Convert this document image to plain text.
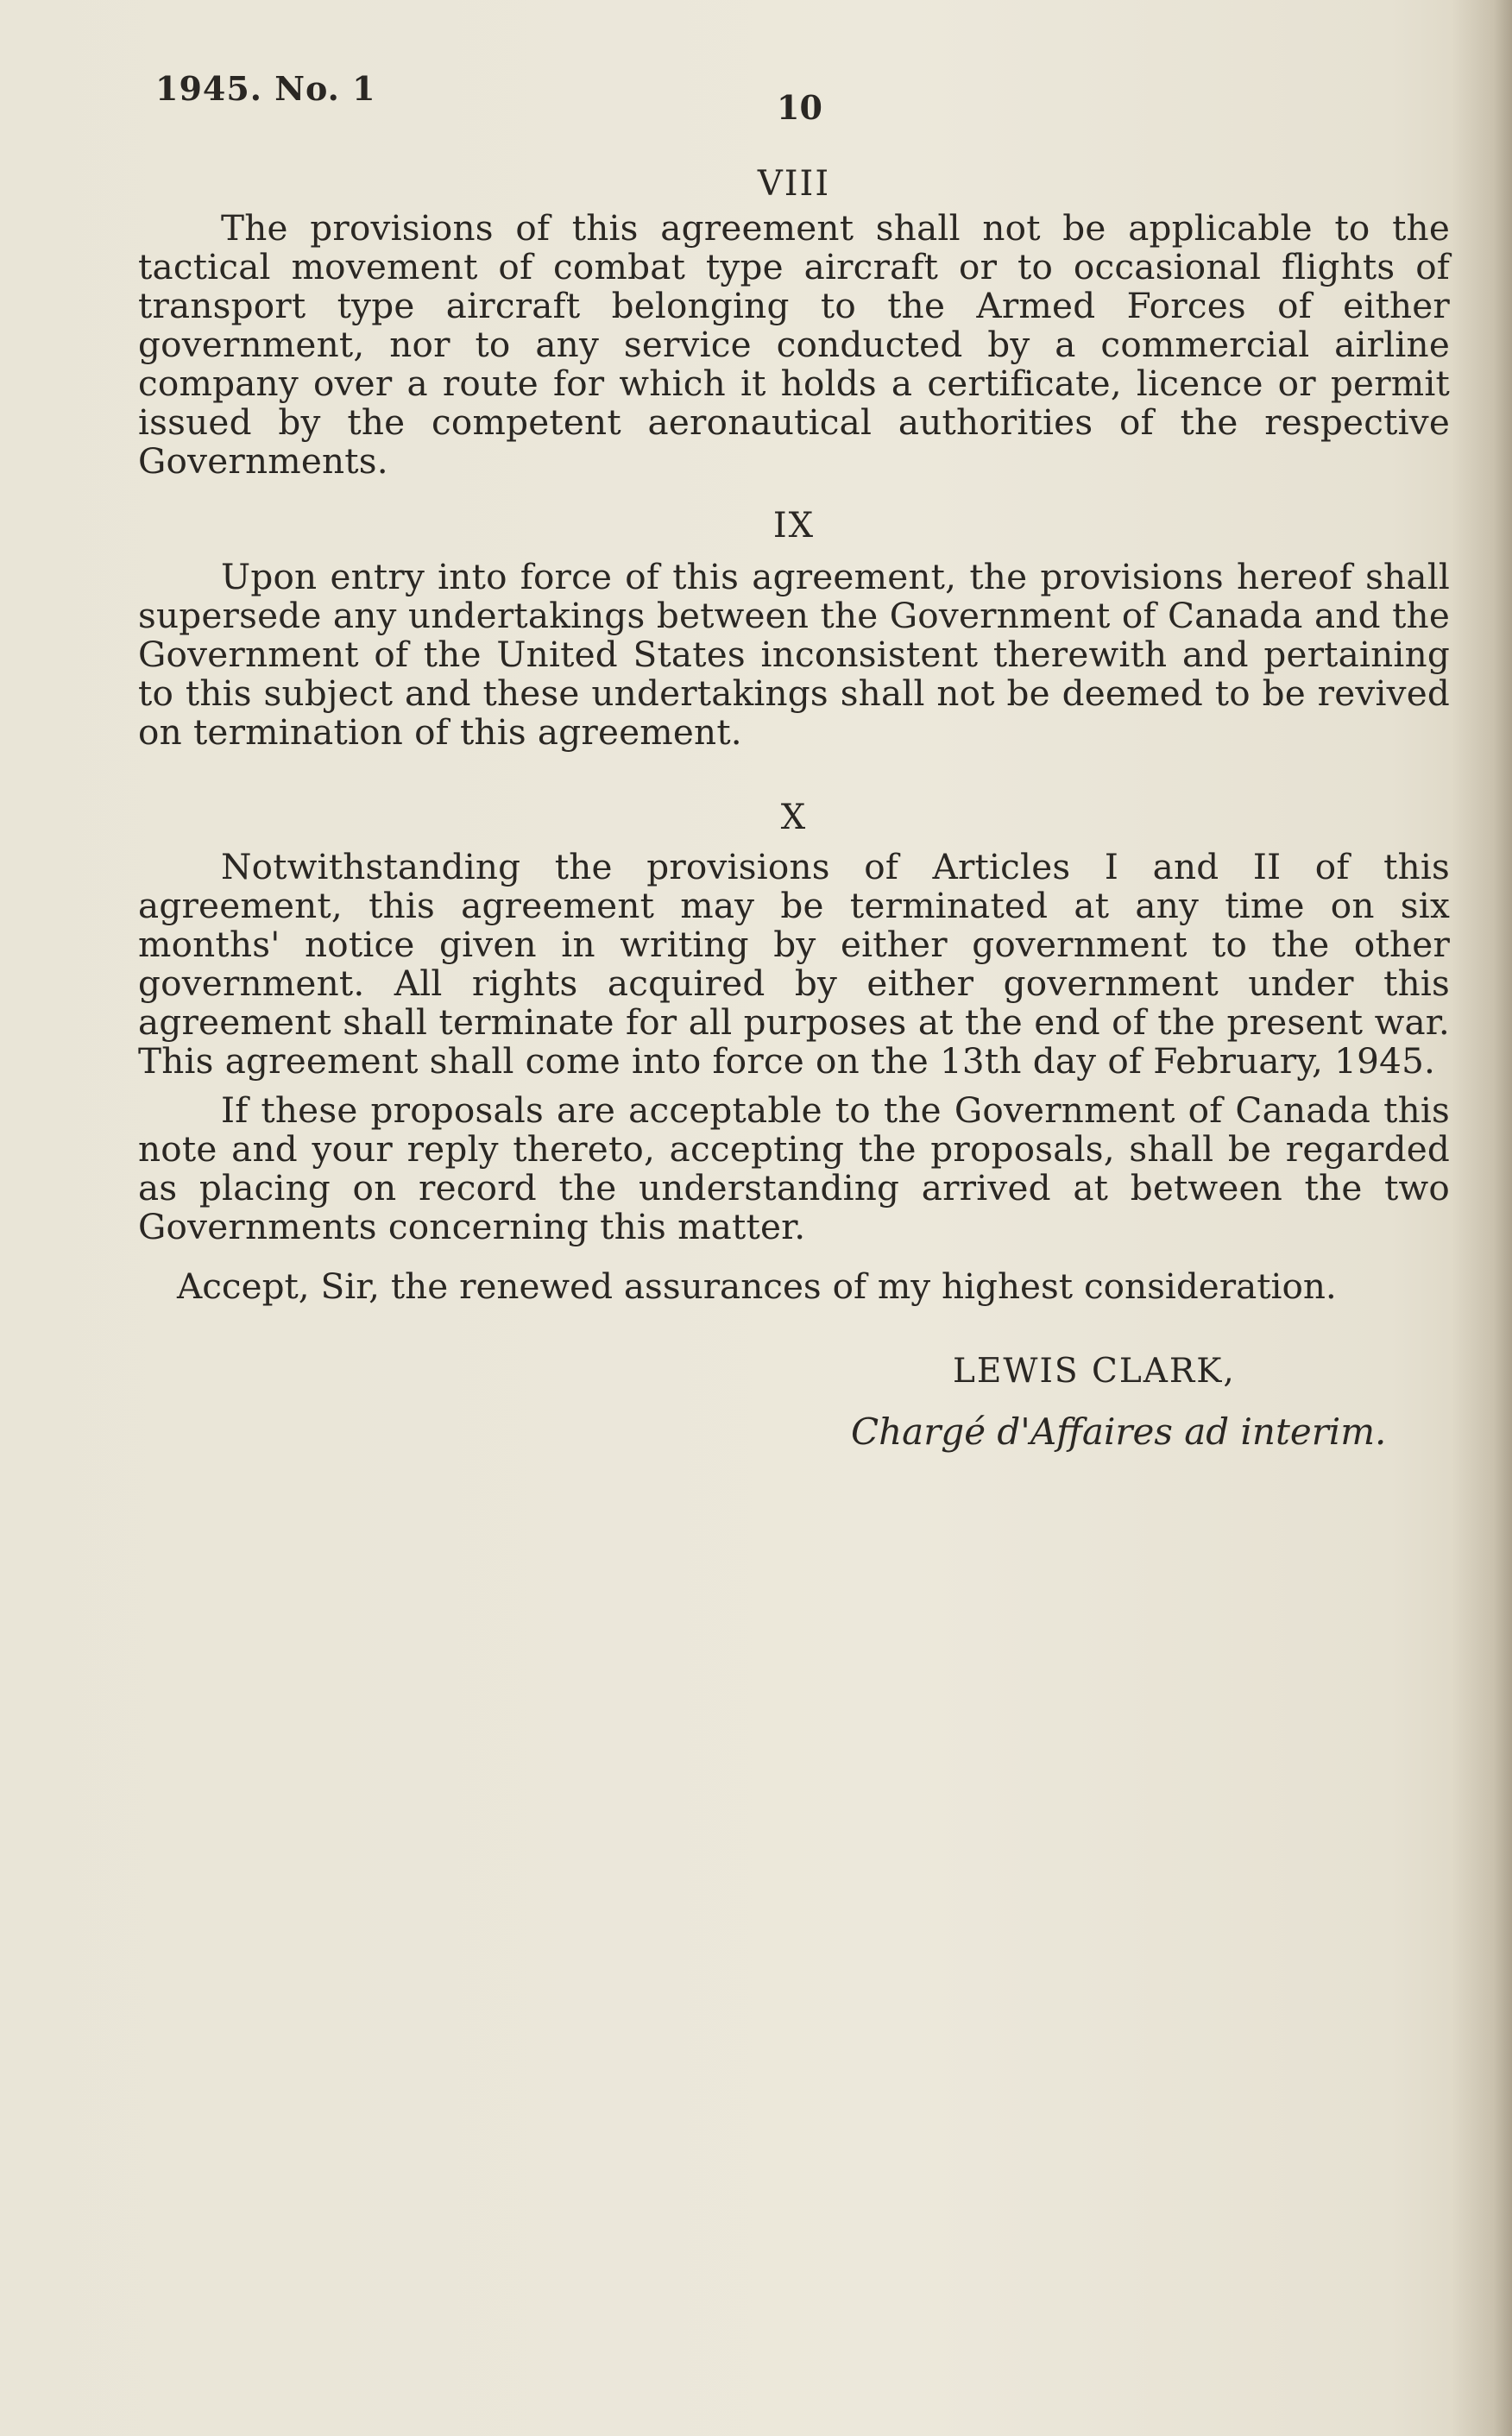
1945. No. 1	10
VIII

The provisions of this agreement shall not be applicable to the tactical movement of combat type aircraft or to occasional flights of transport type aircraft belonging to the Armed Forces of either government, nor to any service conducted by a commercial airline company over a route for which it holds a certificate, licence or permit issued by the competent aeronautical authorities of the respective Governments.

IX

Upon entry into force of this agreement, the provisions hereof shall supersede any undertakings between the Government of Canada and the Government of the United States inconsistent therewith and pertaining to this subject and these undertakings shall not be deemed to be revived on termination of this agreement.

X

Notwithstanding the provisions of Articles I and II of this agreement, this agreement may be terminated at any time on six months' notice given in writing by either government to the other government. All rights acquired by either government under this agreement shall terminate for all purposes at the end of the present war. This agreement shall come into force on the 13th day of February, 1945.

If these proposals are acceptable to the Government of Canada this note and your reply thereto, accepting the proposals, shall be regarded as placing on record the understanding arrived at between the two Governments concerning this matter.

Accept, Sir, the renewed assurances of my highest consideration.
LEWIS CLARK,
Chargé d'Affaires ad interim.
